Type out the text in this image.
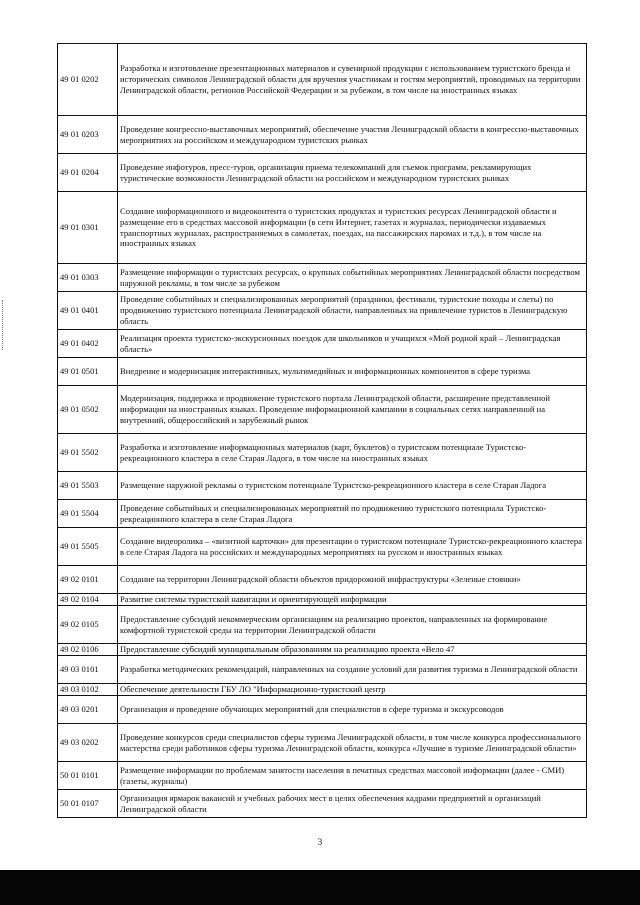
49 01 0202	Разработка и изготовление презентационных материалов и сувенирной продукции с использованием туристского бренда и исторических символов Ленинградской области для вручения участникам и гостям мероприятий, проводимых на территории Ленинградской области, регионов Российской Федерации и за рубежом, в том числе на иностранных языках
49 01 0203	Проведение конгрессно-выставочных мероприятий, обеспечение участия Ленинградской области в конгрессно-выставочных мероприятиях на российском и международном туристских рынках
49 01 0204	Проведение инфотуров, пресс-туров, организация приема телекомпаний для съемок программ, рекламирующих туристические возможности Ленинградской области на российском и международном туристских рынках
49 01 0301	Создание информационного и видеоконтента о туристских продуктах и туристских ресурсах Ленинградской области и размещение его в средствах массовой информации (в сети Интернет, газетах и журналах, периодически издаваемых транспортных журналах, распространяемых в самолетах, поездах, на пассажирских паромах и т.д.), в том числе на иностранных языках
49 01 0303	Размещение информации о туристских ресурсах, о крупных событийных мероприятиях Ленинградской области посредством наружной рекламы, в том числе за рубежом
49 01 0401	Проведение событийных и специализированных мероприятий (праздники, фестивали, туристские походы и слеты) по продвижению туристского потенциала Ленинградской области, направленных на привлечение туристов в Ленинградскую область
49 01 0402	Реализация проекта туристско-экскурсионных поездок для школьников и учащихся «Мой родной край – Ленинградская область»
49 01 0501	Внедрение и модернизация интерактивных, мультимедийных и информационных компонентов в сфере туризма
49 01 0502	Модернизация, поддержка и продвижение туристского портала Ленинградской области, расширение представленной информации на иностранных языках. Проведение информационной кампании в социальных сетях направленной на внутренний, общероссийский и зарубежный рынок
49 01 5502	Разработка и изготовление информационных материалов (карт, буклетов) о туристском потенциале Туристско-рекреационного кластера в селе Старая Ладога, в том числе на иностранных языках
49 01 5503	Размещение наружной рекламы о туристском потенциале Туристско-рекреационного кластера в селе Старая Ладога
49 01 5504	Проведение событийных и специализированных мероприятий по продвижению туристского потенциала Туристско-рекреационного кластера в селе Старая Ладога
49 01 5505	Создание видеоролика – «визитной карточки» для презентации о туристском потенциале Туристско-рекреационного кластера в селе Старая Ладога на российских и международных мероприятиях на русском и иностранных языках
49 02 0101	Создание на территории Ленинградской области объектов придорожной инфраструктуры «Зеленые стоянки»
49 02 0104	Развитие системы туристской навигации и ориентирующей информации
49 02 0105	Предоставление субсидий некоммерческим организациям на реализацию проектов, направленных на формирование комфортной туристской среды на территории Ленинградской области
49 02 0106	Предоставление субсидий муниципальным образованиям на реализацию проекта «Вело 47
49 03 0101	Разработка методических рекомендаций, направленных на создание условий для развития туризма в Ленинградской области
49 03 0102	Обеспечение деятельности ГБУ ЛО "Информационно-туристский центр
49 03 0201	Организация и проведение обучающих мероприятий для специалистов в сфере туризма и экскурсоводов
49 03 0202	Проведение конкурсов среди специалистов сферы туризма Ленинградской области, в том числе конкурса профессионального мастерства среди работников сферы туризма Ленинградской области, конкурса «Лучшие в туризме Ленинградской области»
50 01 0101	Размещение информации по проблемам занятости населения в печатных средствах массовой информации (далее - СМИ) (газеты, журналы)
50 01 0107	Организация ярмарок вакансий и учебных рабочих мест в целях обеспечения кадрами предприятий и организаций Ленинградской области
3
